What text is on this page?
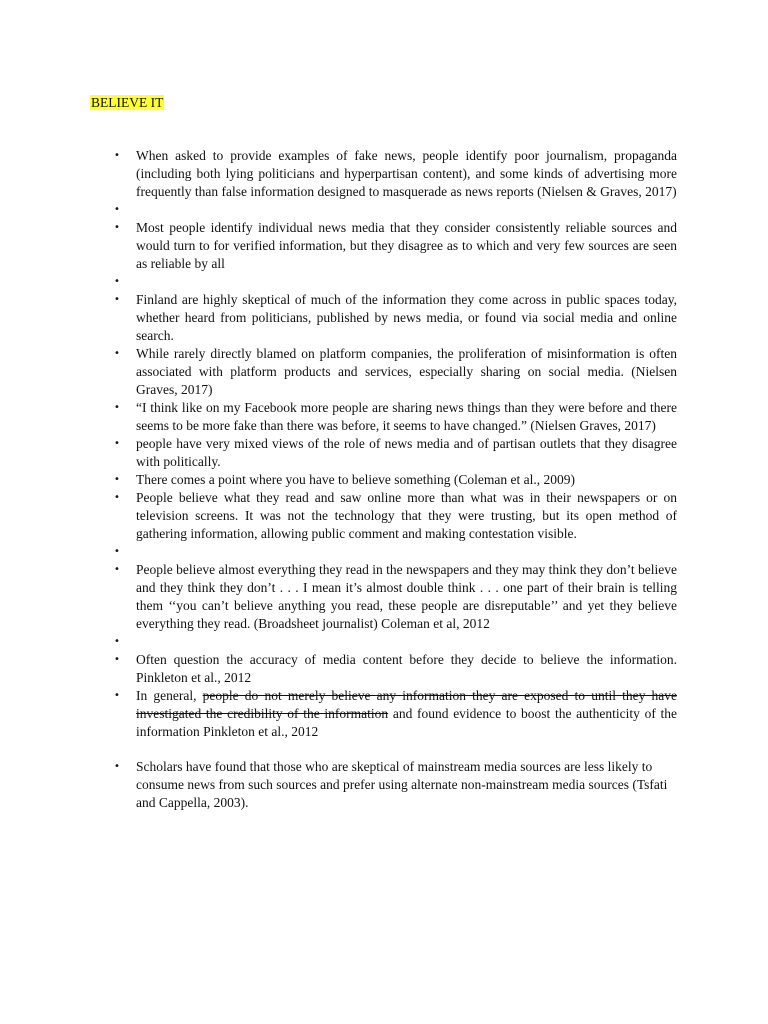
BELIEVE IT
• When asked to provide examples of fake news, people identify poor journalism, propaganda (including both lying politicians and hyperpartisan content), and some kinds of advertising more frequently than false information designed to masquerade as news reports (Nielsen & Graves, 2017)
•
• Most people identify individual news media that they consider consistently reliable sources and would turn to for verified information, but they disagree as to which and very few sources are seen as reliable by all
•
• Finland are highly skeptical of much of the information they come across in public spaces today, whether heard from politicians, published by news media, or found via social media and online search.
• While rarely directly blamed on platform companies, the proliferation of misinformation is often associated with platform products and services, especially sharing on social media. (Nielsen Graves, 2017)
• “I think like on my Facebook more people are sharing news things than they were before and there seems to be more fake than there was before, it seems to have changed.” (Nielsen Graves, 2017)
• people have very mixed views of the role of news media and of partisan outlets that they disagree with politically.
• There comes a point where you have to believe something (Coleman et al., 2009)
• People believe what they read and saw online more than what was in their newspapers or on television screens. It was not the technology that they were trusting, but its open method of gathering information, allowing public comment and making contestation visible.
•
• People believe almost everything they read in the newspapers and they may think they don’t believe and they think they don’t . . . I mean it’s almost double think . . . one part of their brain is telling them ‘‘you can’t believe anything you read, these people are disreputable’’ and yet they believe everything they read. (Broadsheet journalist) Coleman et al, 2012
•
• Often question the accuracy of media content before they decide to believe the information. Pinkleton et al., 2012
• In general, people do not merely believe any information they are exposed to until they have investigated the credibility of the information and found evidence to boost the authenticity of the information Pinkleton et al., 2012
• Scholars have found that those who are skeptical of mainstream media sources are less likely to consume news from such sources and prefer using alternate non-mainstream media sources (Tsfati and Cappella, 2003).
